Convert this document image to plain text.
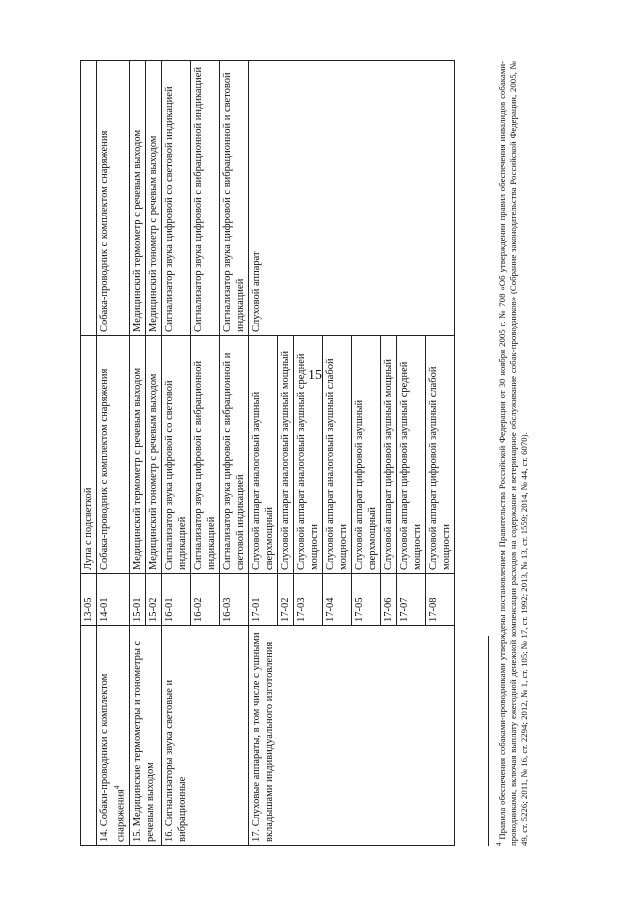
15
	13-05	Лупа с подсветкой	
14. Собаки-проводники с комплектом снаряжения$^4$	14-01	Собака-проводник с комплектом снаряжения	Собака-проводник с комплектом снаряжения
15. Медицинские термометры и тонометры с речевым выходом	15-01	Медицинский термометр с речевым выходом	Медицинский термометр с речевым выходом
	15-02	Медицинский тонометр с речевым выходом	Медицинский тонометр с речевым выходом
16. Сигнализаторы звука световые и вибрационные	16-01	Сигнализатор звука цифровой со световой индикацией	Сигнализатор звука цифровой со световой индикацией
	16-02	Сигнализатор звука цифровой с вибрационной индикацией	Сигнализатор звука цифровой с вибрационной индикацией
	16-03	Сигнализатор звука цифровой с вибрационной и световой индикацией	Сигнализатор звука цифровой с вибрационной и световой индикацией
17. Слуховые аппараты, в том числе с ушными вкладышами индивидуального изготовления	17-01	Слуховой аппарат аналоговый заушный сверхмощный	Слуховой аппарат
	17-02	Слуховой аппарат аналоговый заушный мощный	
	17-03	Слуховой аппарат аналоговый заушный средней мощности	
	17-04	Слуховой аппарат аналоговый заушный слабой мощности	
	17-05	Слуховой аппарат цифровой заушный сверхмощный	
	17-06	Слуховой аппарат цифровой заушный мощный	
	17-07	Слуховой аппарат цифровой заушный средней мощности	
	17-08	Слуховой аппарат цифровой заушный слабой мощности	
$^4$ Правила обеспечения собаками-проводниками утверждены постановлением Правительства Российской Федерации от 30 ноября 2005 г. № 708 «Об утверждении правил обеспечения инвалидов собаками-проводниками, включая выплату ежегодной денежной компенсации расходов на содержание и ветеринарное обслуживание собак-проводников» (Собрание законодательства Российской Федерации, 2005, № 49, ст. 5226; 2011, № 16, ст. 2294; 2012, № 1, ст. 105; № 17, ст. 1992; 2013, № 13, ст. 1559; 2014, № 44, ст. 6070).
